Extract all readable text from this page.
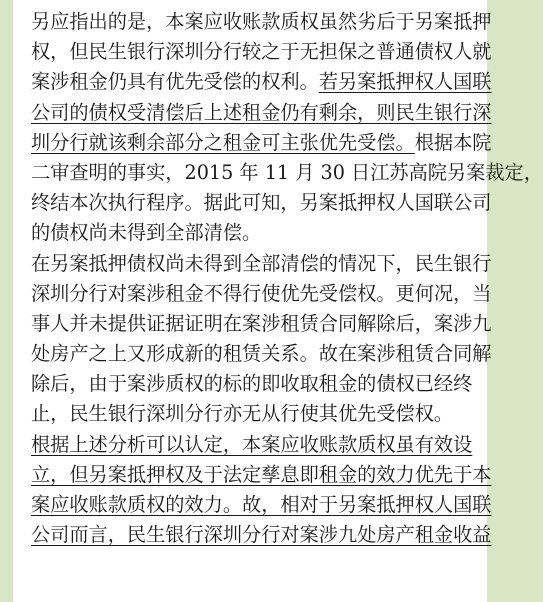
另应指出的是，本案应收账款质权虽然劣后于另案抵押
权，但民生银行深圳分行较之于无担保之普通债权人就
案涉租金仍具有优先受偿的权利。若另案抵押权人国联
公司的债权受清偿后上述租金仍有剩余，则民生银行深
圳分行就该剩余部分之租金可主张优先受偿。根据本院
二审查明的事实，2015 年 11 月 30 日江苏高院另案裁定，
终结本次执行程序。据此可知，另案抵押权人国联公司
的债权尚未得到全部清偿。
在另案抵押债权尚未得到全部清偿的情况下，民生银行
深圳分行对案涉租金不得行使优先受偿权。更何况，当
事人并未提供证据证明在案涉租赁合同解除后，案涉九
处房产之上又形成新的租赁关系。故在案涉租赁合同解
除后，由于案涉质权的标的即收取租金的债权已经终
止，民生银行深圳分行亦无从行使其优先受偿权。
根据上述分析可以认定，本案应收账款质权虽有效设
立，但另案抵押权及于法定孳息即租金的效力优先于本
案应收账款质权的效力。故，相对于另案抵押权人国联
公司而言，民生银行深圳分行对案涉九处房产租金收益
